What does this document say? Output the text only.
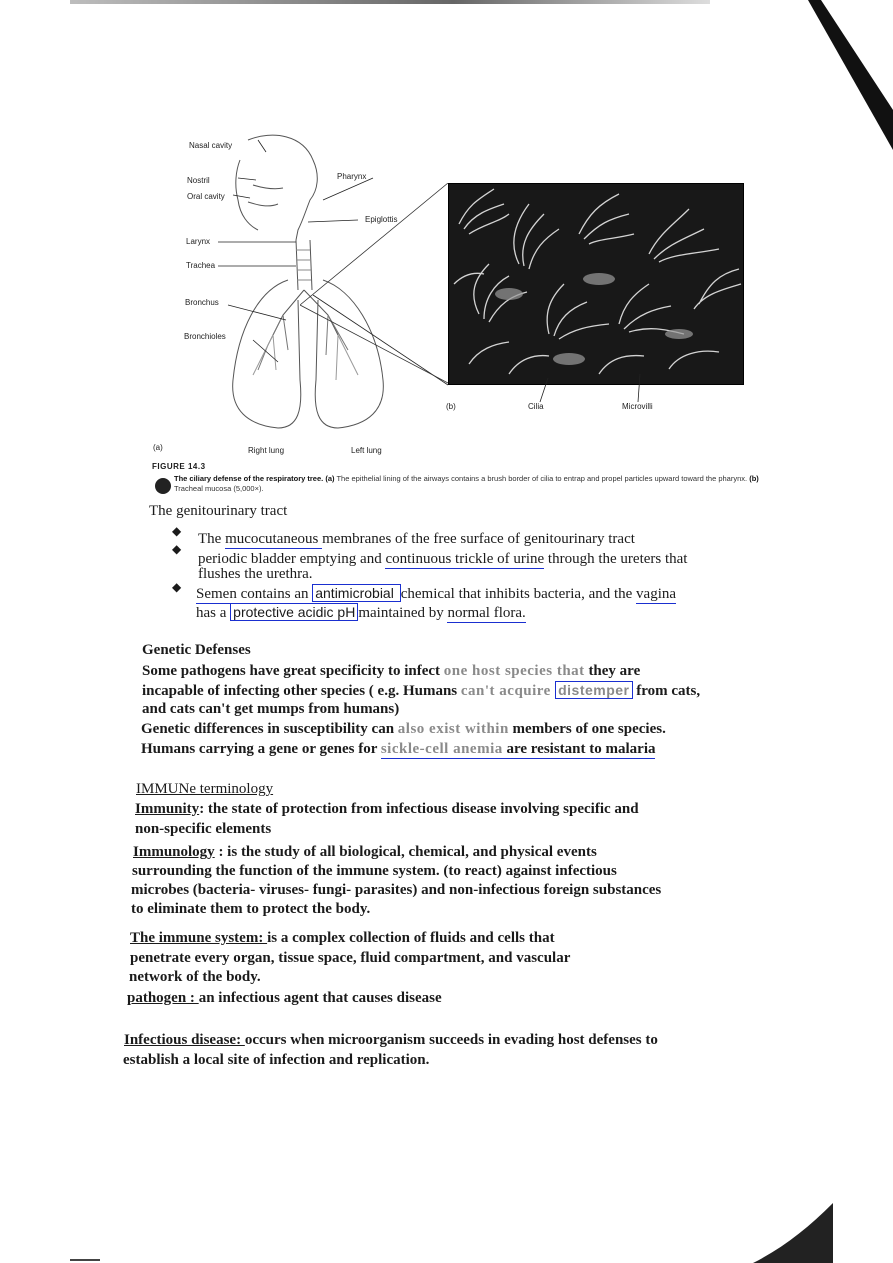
Nasal cavity
Nostril
Oral cavity
Pharynx
Epiglottis
Larynx
Trachea
Bronchus
Bronchioles
(a)	Right lung	Left lung
(b)	Cilia	Microvilli
FIGURE 14.3
The ciliary defense of the respiratory tree. (a) The epithelial lining of the airways contains a brush border of cilia to entrap and propel particles upward toward the pharynx. (b) Tracheal mucosa (5,000×).
The genitourinary tract
◆ The mucocutaneous membranes of the free surface of genitourinary tract

◆

periodic bladder emptying and continuous trickle of urine through the ureters that

flushes the urethra.

◆ Semen contains an antimicrobial chemical that inhibits bacteria, and the vagina

has a protective acidic pH maintained by normal flora.

Genetic Defenses

Some pathogens have great specificity to infect one host species that they are

incapable of infecting other species ( e.g. Humans can't acquire distemper from cats,

and cats can't get mumps from humans)

Genetic differences in susceptibility can also exist within members of one species.

Humans carrying a gene or genes for sickle-cell anemia are resistant to malaria

IMMUNe terminology

Immunity: the state of protection from infectious disease involving specific and

non-specific elements

Immunology : is the study of all biological, chemical, and physical events

surrounding the function of the immune system. (to react) against infectious

microbes (bacteria- viruses- fungi- parasites) and non-infectious foreign substances

to eliminate them to protect the body.

The immune system: is a complex collection of fluids and cells that

penetrate every organ, tissue space, fluid compartment, and vascular

network of the body.

pathogen : an infectious agent that causes disease

Infectious disease: occurs when microorganism succeeds in evading host defenses to

establish a local site of infection and replication.
